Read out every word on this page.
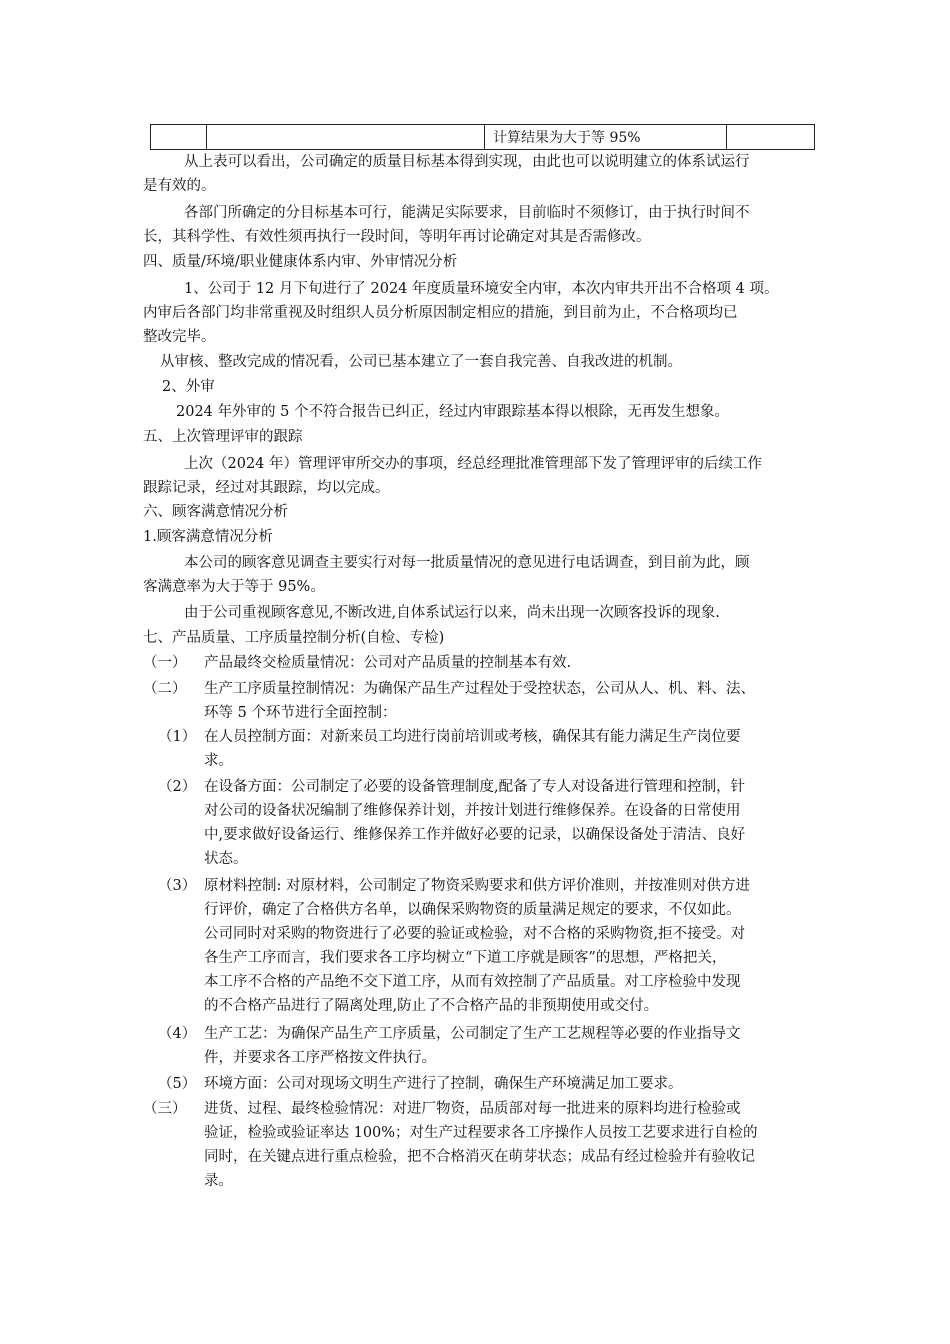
		计算结果为大于等 95%	
从上表可以看出，公司确定的质量目标基本得到实现，由此也可以说明建立的体系试运行
是有效的。
各部门所确定的分目标基本可行，能满足实际要求，目前临时不须修订，由于执行时间不
长，其科学性、有效性须再执行一段时间，等明年再讨论确定对其是否需修改。
四、质量/环境/职业健康体系内审、外审情况分析
1、公司于 12 月下旬进行了 2024 年度质量环境安全内审，本次内审共开出不合格项 4 项。
内审后各部门均非常重视及时组织人员分析原因制定相应的措施，到目前为止，不合格项均已
整改完毕。
从审核、整改完成的情况看，公司已基本建立了一套自我完善、自我改进的机制。
2、外审
2024 年外审的 5 个不符合报告已纠正，经过内审跟踪基本得以根除，无再发生想象。
五、上次管理评审的跟踪
上次（2024 年）管理评审所交办的事项，经总经理批准管理部下发了管理评审的后续工作
跟踪记录，经过对其跟踪，均以完成。
六、顾客满意情况分析
1.顾客满意情况分析
本公司的顾客意见调查主要实行对每一批质量情况的意见进行电话调查，到目前为此，顾
客满意率为大于等于 95%。
由于公司重视顾客意见,不断改进,自体系试运行以来，尚未出现一次顾客投诉的现象.
七、产品质量、工序质量控制分析(自检、专检)
（一） 产品最终交检质量情况：公司对产品质量的控制基本有效.
（二） 生产工序质量控制情况：为确保产品生产过程处于受控状态，公司从人、机、料、法、
环等 5 个环节进行全面控制：
（1） 在人员控制方面：对新来员工均进行岗前培训或考核，确保其有能力满足生产岗位要
求。
（2） 在设备方面：公司制定了必要的设备管理制度,配备了专人对设备进行管理和控制，针
对公司的设备状况编制了维修保养计划，并按计划进行维修保养。在设备的日常使用
中,要求做好设备运行、维修保养工作并做好必要的记录，以确保设备处于清洁、良好
状态。
（3） 原材料控制: 对原材料，公司制定了物资采购要求和供方评价准则，并按准则对供方进
行评价，确定了合格供方名单，以确保采购物资的质量满足规定的要求，不仅如此。
公司同时对采购的物资进行了必要的验证或检验，对不合格的采购物资,拒不接受。对
各生产工序而言，我们要求各工序均树立“下道工序就是顾客”的思想，严格把关，
本工序不合格的产品绝不交下道工序，从而有效控制了产品质量。对工序检验中发现
的不合格产品进行了隔离处理,防止了不合格产品的非预期使用或交付。
（4） 生产工艺：为确保产品生产工序质量，公司制定了生产工艺规程等必要的作业指导文
件，并要求各工序严格按文件执行。
（5） 环境方面：公司对现场文明生产进行了控制，确保生产环境满足加工要求。
（三） 进货、过程、最终检验情况：对进厂物资，品质部对每一批进来的原料均进行检验或
验证，检验或验证率达 100%；对生产过程要求各工序操作人员按工艺要求进行自检的
同时，在关键点进行重点检验，把不合格消灭在萌芽状态；成品有经过检验并有验收记
录。
